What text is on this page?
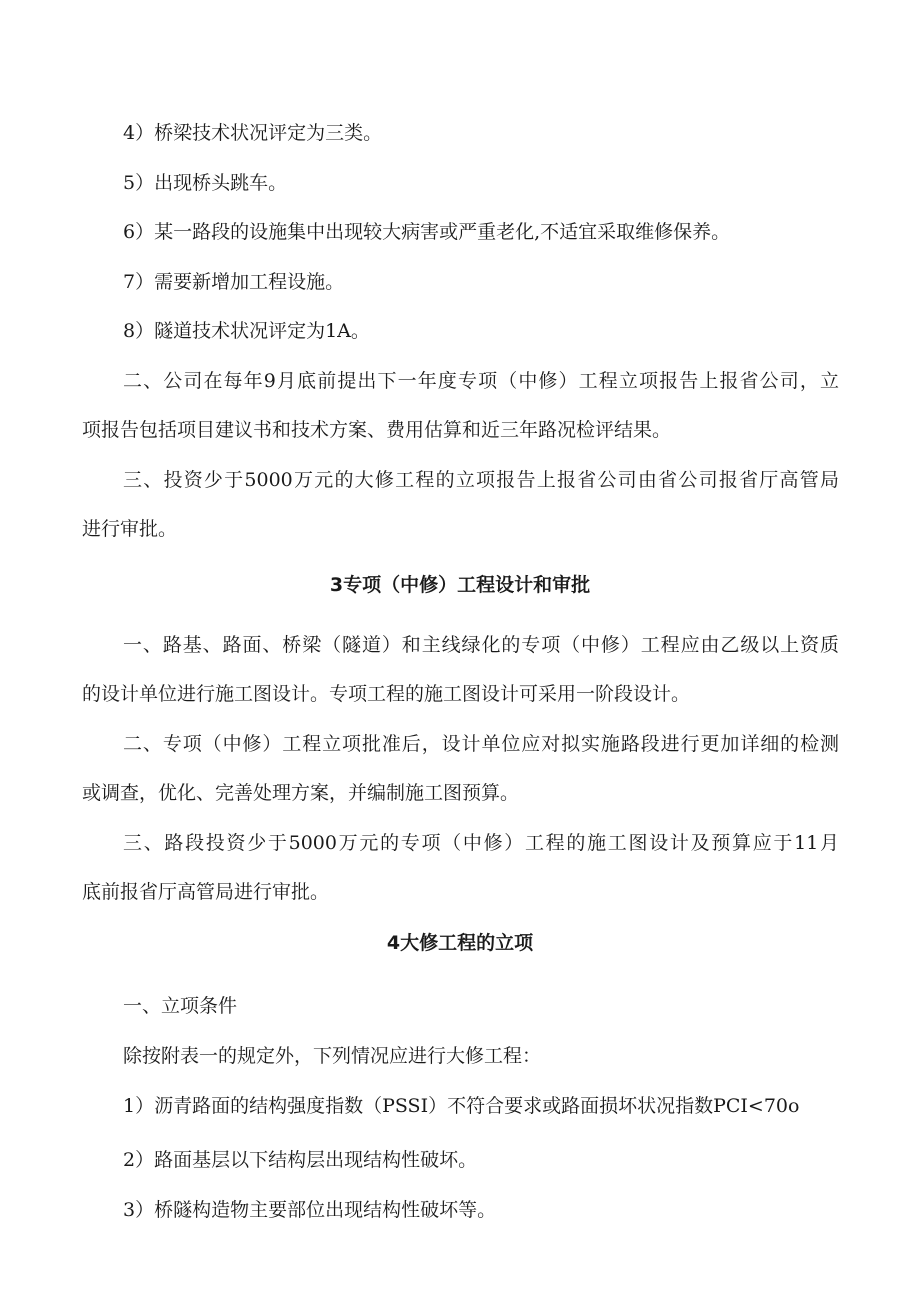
4）桥梁技术状况评定为三类。

5）出现桥头跳车。

6）某一路段的设施集中出现较大病害或严重老化,不适宜采取维修保养。

7）需要新增加工程设施。

8）隧道技术状况评定为1A。

二、公司在每年9月底前提出下一年度专项（中修）工程立项报告上报省公司，立

项报告包括项目建议书和技术方案、费用估算和近三年路况检评结果。

三、投资少于5000万元的大修工程的立项报告上报省公司由省公司报省厅高管局

进行审批。

3专项（中修）工程设计和审批

一、路基、路面、桥梁（隧道）和主线绿化的专项（中修）工程应由乙级以上资质

的设计单位进行施工图设计。专项工程的施工图设计可采用一阶段设计。

二、专项（中修）工程立项批准后，设计单位应对拟实施路段进行更加详细的检测

或调查，优化、完善处理方案，并编制施工图预算。

三、路段投资少于5000万元的专项（中修）工程的施工图设计及预算应于11月

底前报省厅高管局进行审批。

4大修工程的立项

一、立项条件

除按附表一的规定外，下列情况应进行大修工程：

1）沥青路面的结构强度指数（PSSI）不符合要求或路面损坏状况指数PCI<70o

2）路面基层以下结构层出现结构性破坏。

3）桥隧构造物主要部位出现结构性破坏等。
